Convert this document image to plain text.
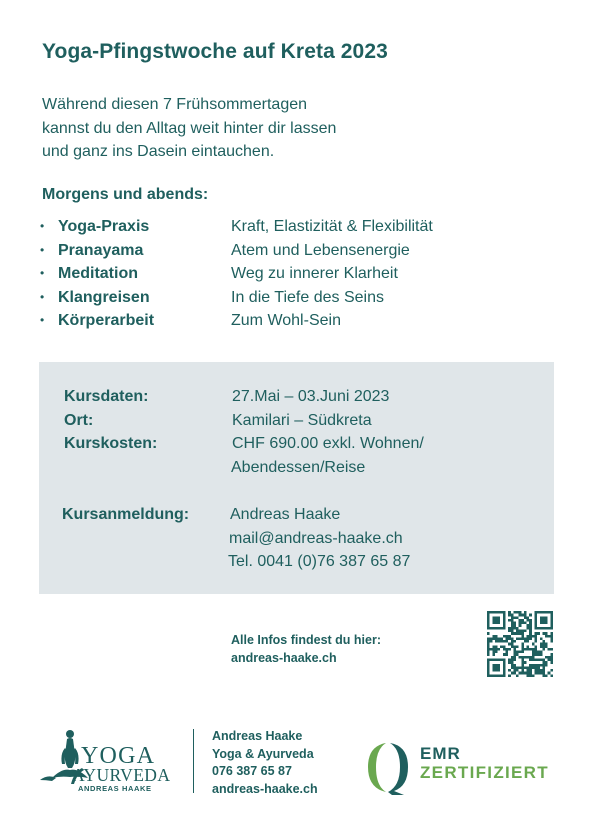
Yoga-Pfingstwoche auf Kreta 2023
Während diesen 7 Frühsommertagen
kannst du den Alltag weit hinter dir lassen
und ganz ins Dasein eintauchen.
Morgens und abends:
• Yoga-Praxis	Kraft, Elastizität & Flexibilität
• Pranayama	Atem und Lebensenergie
• Meditation	Weg zu innerer Klarheit
• Klangreisen	In die Tiefe des Seins
• Körperarbeit	Zum Wohl-Sein
Kursdaten:	27.Mai – 03.Juni 2023
Ort:	Kamilari – Südkreta
Kurskosten:	CHF 690.00 exkl. Wohnen/
Abendessen/Reise
Kursanmeldung:	Andreas Haake
mail@andreas-haake.ch
Tel. 0041 (0)76 387 65 87
Alle Infos findest du hier:
andreas-haake.ch
YOGA
AYURVEDA
ANDREAS HAAKE
Andreas Haake
Yoga & Ayurveda
076 387 65 87
andreas-haake.ch
EMR
ZERTIFIZIERT
